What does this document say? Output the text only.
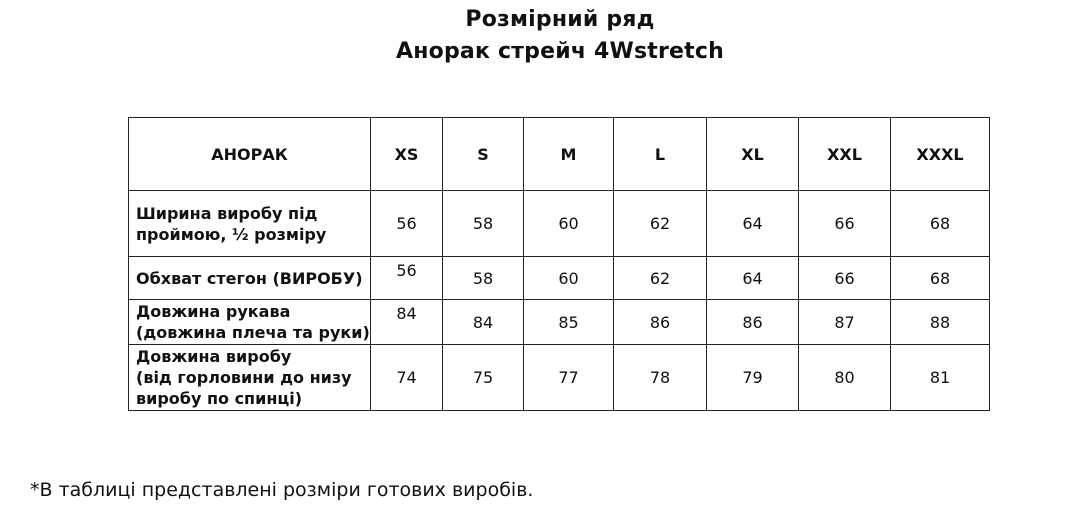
Розмірний ряд
Анорак стрейч 4Wstretch
АНОРАК	XS	S	M	L	XL	XXL	XXXL

Ширина виробу під
проймою, ½ розміру	56	58	60	62	64	66	68

Обхват стегон (ВИРОБУ)	56	58	60	62	64	66	68

Довжина рукава
(довжина плеча та руки)	84	84	85	86	86	87	88

Довжина виробу
(від горловини до низу
виробу по спинці)	74	75	77	78	79	80	81
*В таблиці представлені розміри готових виробів.
